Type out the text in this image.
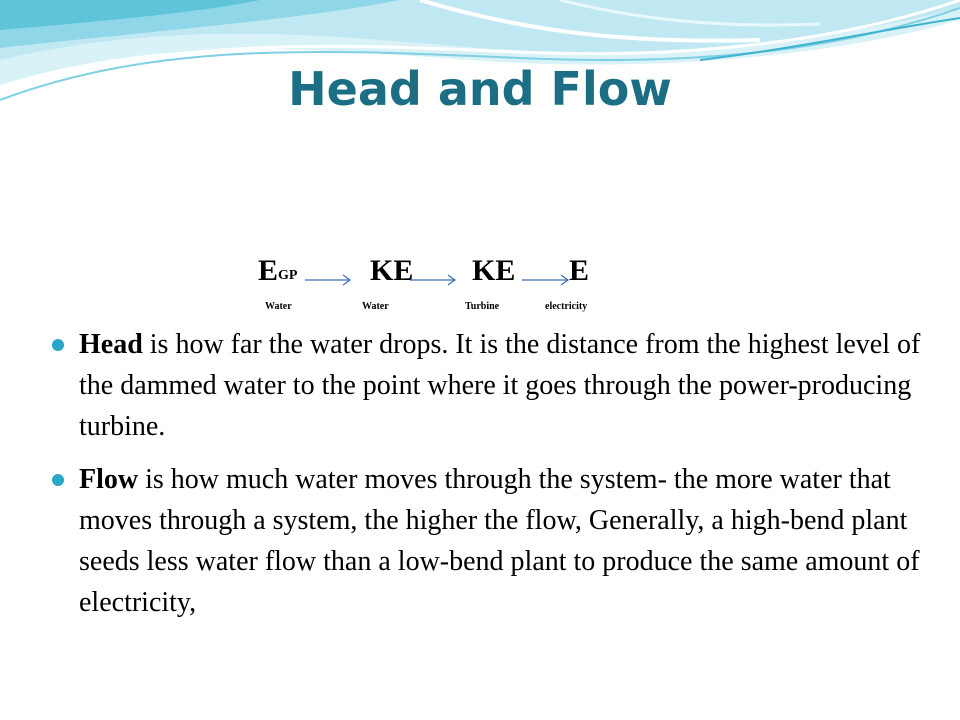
Head and Flow
EGP KE KE E
Water	Water	Turbine	electricity
Head is how far the water drops. It is the distance from the highest level of the dammed water to the point where it goes through the power-producing turbine.
Flow is how much water moves through the system- the more water that moves through a system, the higher the flow, Generally, a high-bend plant seeds less water flow than a low-bend plant to produce the same amount of electricity,
